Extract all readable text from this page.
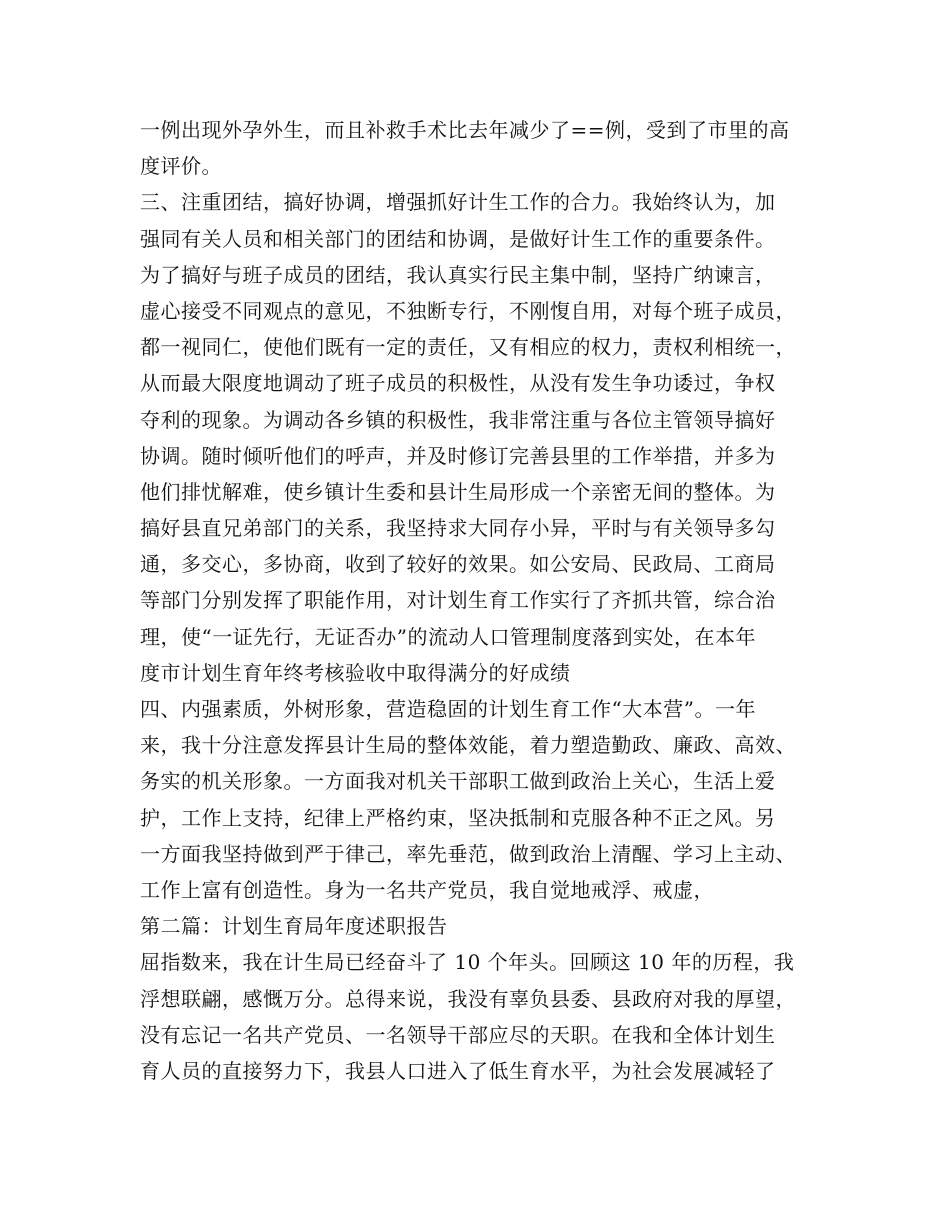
一例出现外孕外生，而且补救手术比去年减少了==例，受到了市里的高
度评价。
三、注重团结，搞好协调，增强抓好计生工作的合力。我始终认为，加
强同有关人员和相关部门的团结和协调，是做好计生工作的重要条件。
为了搞好与班子成员的团结，我认真实行民主集中制，坚持广纳谏言，
虚心接受不同观点的意见，不独断专行，不刚愎自用，对每个班子成员，
都一视同仁，使他们既有一定的责任，又有相应的权力，责权利相统一，
从而最大限度地调动了班子成员的积极性，从没有发生争功诿过，争权
夺利的现象。为调动各乡镇的积极性，我非常注重与各位主管领导搞好
协调。随时倾听他们的呼声，并及时修订完善县里的工作举措，并多为
他们排忧解难，使乡镇计生委和县计生局形成一个亲密无间的整体。为
搞好县直兄弟部门的关系，我坚持求大同存小异，平时与有关领导多勾
通，多交心，多协商，收到了较好的效果。如公安局、民政局、工商局
等部门分别发挥了职能作用，对计划生育工作实行了齐抓共管，综合治
理，使“一证先行，无证否办”的流动人口管理制度落到实处，在本年
度市计划生育年终考核验收中取得满分的好成绩
四、内强素质，外树形象，营造稳固的计划生育工作“大本营”。一年
来，我十分注意发挥县计生局的整体效能，着力塑造勤政、廉政、高效、
务实的机关形象。一方面我对机关干部职工做到政治上关心，生活上爱
护，工作上支持，纪律上严格约束，坚决抵制和克服各种不正之风。另
一方面我坚持做到严于律己，率先垂范，做到政治上清醒、学习上主动、
工作上富有创造性。身为一名共产党员，我自觉地戒浮、戒虚，
第二篇：计划生育局年度述职报告
屈指数来，我在计生局已经奋斗了 10 个年头。回顾这 10 年的历程，我
浮想联翩，感慨万分。总得来说，我没有辜负县委、县政府对我的厚望，
没有忘记一名共产党员、一名领导干部应尽的天职。在我和全体计划生
育人员的直接努力下，我县人口进入了低生育水平，为社会发展减轻了
